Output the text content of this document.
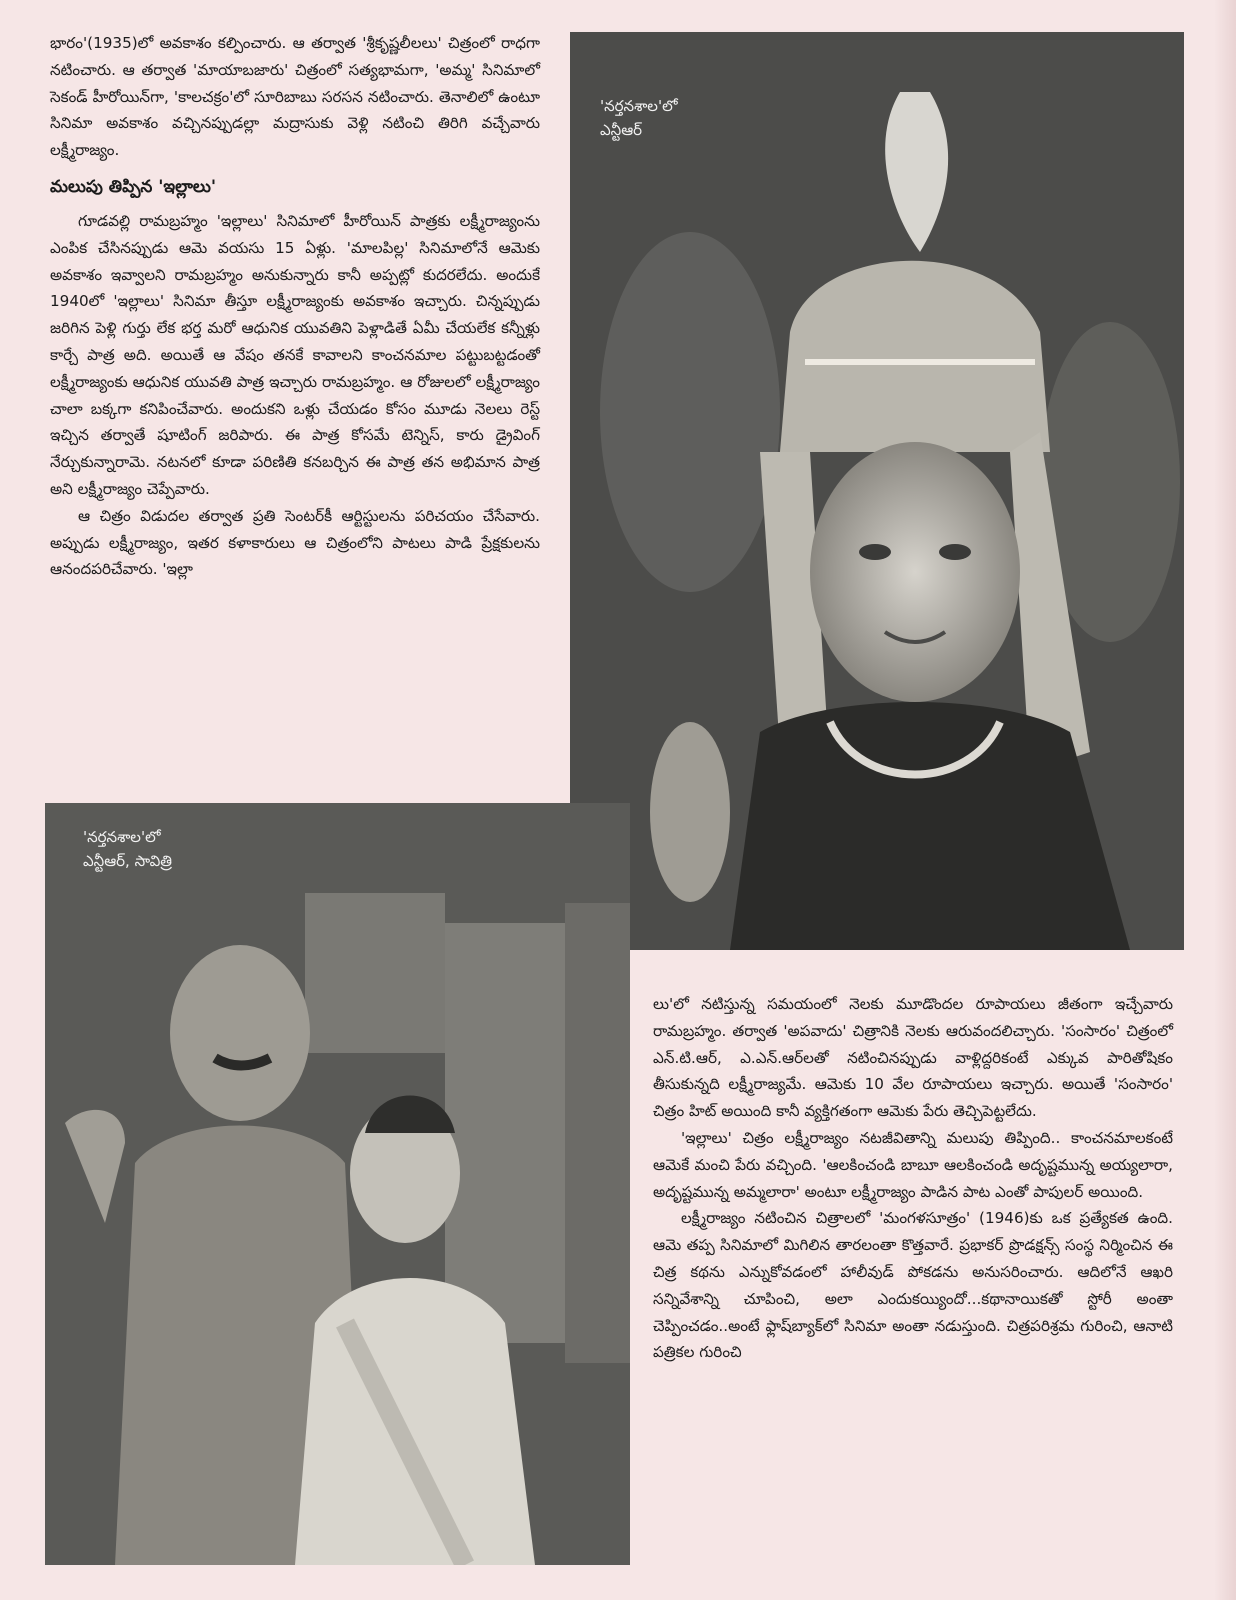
భారం'(1935)లో అవకాశం కల్పించారు. ఆ తర్వాత 'శ్రీకృష్ణలీలలు' చిత్రంలో రాధగా నటించారు. ఆ తర్వాత 'మాయాబజారు' చిత్రంలో సత్యభామగా, 'అమ్మ' సినిమాలో సెకండ్ హీరోయిన్‌గా, 'కాలచక్రం'లో సూరిబాబు సరసన నటించారు. తెనాలిలో ఉంటూ సినిమా అవకాశం వచ్చినప్పుడల్లా మద్రాసుకు వెళ్లి నటించి తిరిగి వచ్చేవారు లక్ష్మీరాజ్యం.

మలుపు తిప్పిన 'ఇల్లాలు'

గూడవల్లి రామబ్రహ్మం 'ఇల్లాలు' సినిమాలో హీరోయిన్ పాత్రకు లక్ష్మీరాజ్యంను ఎంపిక చేసినప్పుడు ఆమె వయసు 15 ఏళ్లు. 'మాలపిల్ల' సినిమాలోనే ఆమెకు అవకాశం ఇవ్వాలని రామబ్రహ్మం అనుకున్నారు కానీ అప్పట్లో కుదరలేదు. అందుకే 1940లో 'ఇల్లాలు' సినిమా తీస్తూ లక్ష్మీరాజ్యంకు అవకాశం ఇచ్చారు. చిన్నప్పుడు జరిగిన పెళ్లి గుర్తు లేక భర్త మరో ఆధునిక యువతిని పెళ్లాడితే ఏమీ చేయలేక కన్నీళ్లు కార్చే పాత్ర అది. అయితే ఆ వేషం తనకే కావాలని కాంచనమాల పట్టుబట్టడంతో లక్ష్మీరాజ్యంకు ఆధునిక యువతి పాత్ర ఇచ్చారు రామబ్రహ్మం. ఆ రోజులలో లక్ష్మీరాజ్యం చాలా బక్కగా కనిపించేవారు. అందుకని ఒళ్లు చేయడం కోసం మూడు నెలలు రెస్ట్ ఇచ్చిన తర్వాతే షూటింగ్ జరిపారు. ఈ పాత్ర కోసమే టెన్నిస్, కారు డ్రైవింగ్ నేర్చుకున్నారామె. నటనలో కూడా పరిణితి కనబర్చిన ఈ పాత్ర తన అభిమాన పాత్ర అని లక్ష్మీరాజ్యం చెప్పేవారు.

ఆ చిత్రం విడుదల తర్వాత ప్రతి సెంటర్‌కీ ఆర్టిస్టులను పరిచయం చేసేవారు. అప్పుడు లక్ష్మీరాజ్యం, ఇతర కళాకారులు ఆ చిత్రంలోని పాటలు పాడి ప్రేక్షకులను ఆనందపరిచేవారు. 'ఇల్లా

'నర్తనశాల'లో
ఎన్టీఆర్
'నర్తనశాల'లో
ఎన్టీఆర్, సావిత్రి

లు'లో నటిస్తున్న సమయంలో నెలకు మూడొందల రూపాయలు జీతంగా ఇచ్చేవారు రామబ్రహ్మం. తర్వాత 'అపవాదు' చిత్రానికి నెలకు ఆరువందలిచ్చారు. 'సంసారం' చిత్రంలో ఎన్.టి.ఆర్, ఎ.ఎన్.ఆర్‌లతో నటించినప్పుడు వాళ్లిద్దరికంటే ఎక్కువ పారితోషికం తీసుకున్నది లక్ష్మీరాజ్యమే. ఆమెకు 10 వేల రూపాయలు ఇచ్చారు. అయితే 'సంసారం' చిత్రం హిట్ అయింది కానీ వ్యక్తిగతంగా ఆమెకు పేరు తెచ్చిపెట్టలేదు.

'ఇల్లాలు' చిత్రం లక్ష్మీరాజ్యం నటజీవితాన్ని మలుపు తిప్పింది.. కాంచనమాలకంటే ఆమెకే మంచి పేరు వచ్చింది. 'ఆలకించండి బాబూ ఆలకించండి అదృష్టమున్న అయ్యలారా, అదృష్టమున్న అమ్మలారా' అంటూ లక్ష్మీరాజ్యం పాడిన పాట ఎంతో పాపులర్ అయింది.

లక్ష్మీరాజ్యం నటించిన చిత్రాలలో 'మంగళసూత్రం' (1946)కు ఒక ప్రత్యేకత ఉంది. ఆమె తప్ప సినిమాలో మిగిలిన తారలంతా కొత్తవారే. ప్రభాకర్ ప్రొడక్షన్స్ సంస్థ నిర్మించిన ఈ చిత్ర కథను ఎన్నుకోవడంలో హాలీవుడ్ పోకడను అనుసరించారు. ఆదిలోనే ఆఖరి సన్నివేశాన్ని చూపించి, అలా ఎందుకయ్యిందో...కథానాయికతో స్టోరీ అంతా చెప్పించడం..అంటే ఫ్లాష్‌బ్యాక్‌లో సినిమా అంతా నడుస్తుంది. చిత్రపరిశ్రమ గురించి, ఆనాటి పత్రికల గురించి
